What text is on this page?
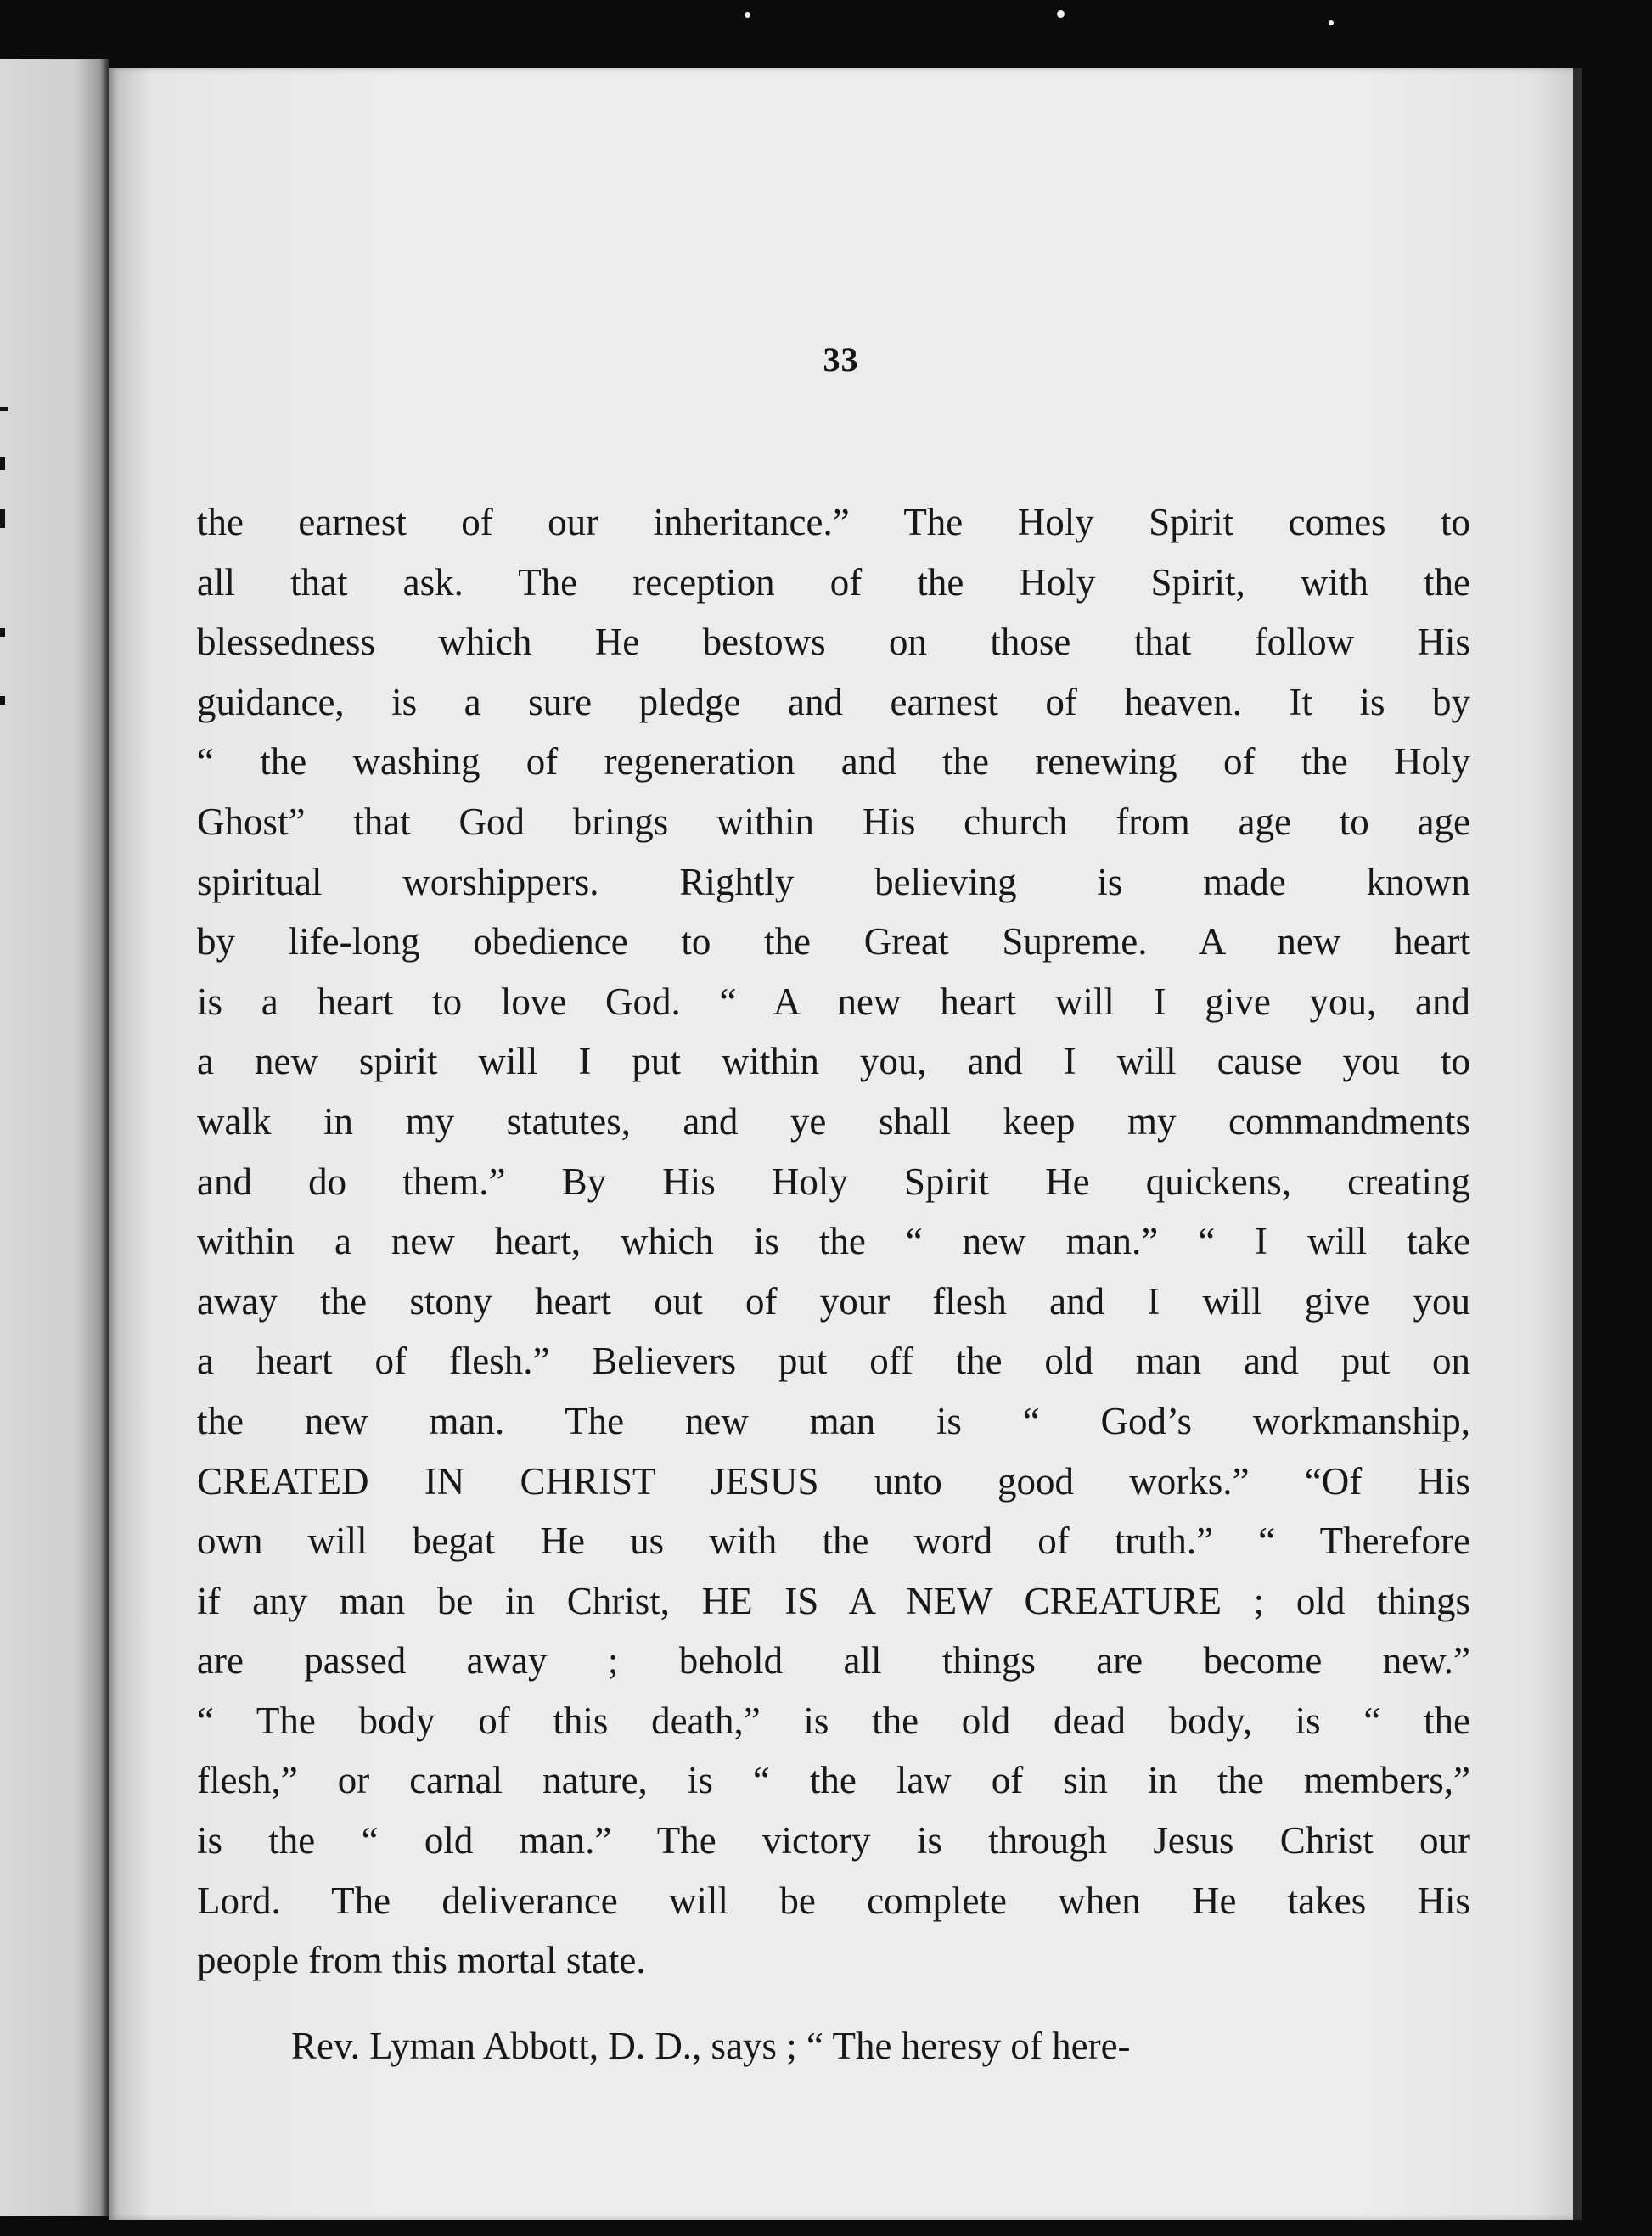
33
the earnest of our inheritance.” The Holy Spirit comes to
all that ask. The reception of the Holy Spirit, with the
blessedness which He bestows on those that follow His
guidance, is a sure pledge and earnest of heaven. It is by
“ the washing of regeneration and the renewing of the Holy
Ghost” that God brings within His church from age to age
spiritual worshippers. Rightly believing is made known
by life-long obedience to the Great Supreme. A new heart
is a heart to love God. “ A new heart will I give you, and
a new spirit will I put within you, and I will cause you to
walk in my statutes, and ye shall keep my commandments
and do them.” By His Holy Spirit He quickens, creating
within a new heart, which is the “ new man.” “ I will take
away the stony heart out of your flesh and I will give you
a heart of flesh.” Believers put off the old man and put on
the new man. The new man is “ God’s workmanship,
CREATED IN CHRIST JESUS unto good works.” “Of His
own will begat He us with the word of truth.” “ Therefore
if any man be in Christ, HE IS A NEW CREATURE ; old things
are passed away ; behold all things are become new.”
“ The body of this death,” is the old dead body, is “ the
flesh,” or carnal nature, is “ the law of sin in the members,”
is the “ old man.” The victory is through Jesus Christ our
Lord. The deliverance will be complete when He takes His
people from this mortal state.
Rev. Lyman Abbott, D. D., says ; “ The heresy of here-
